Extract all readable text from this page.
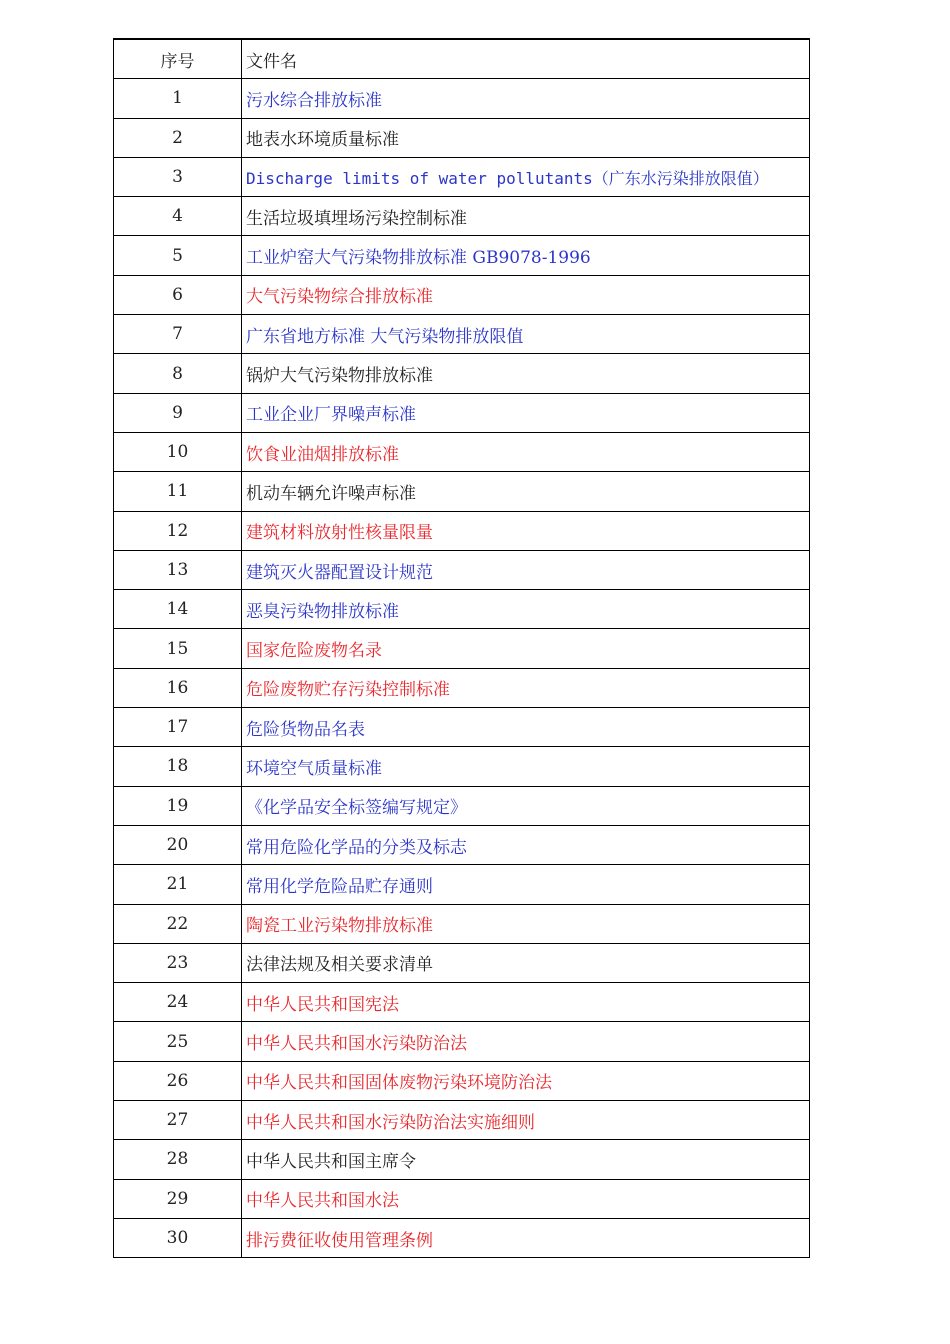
序号	文件名
1	污水综合排放标准
2	地表水环境质量标准
3	Discharge limits of water pollutants（广东水污染排放限值）
4	生活垃圾填埋场污染控制标准
5	工业炉窑大气污染物排放标准 GB9078-1996
6	大气污染物综合排放标准
7	广东省地方标准 大气污染物排放限值
8	锅炉大气污染物排放标准
9	工业企业厂界噪声标准
10	饮食业油烟排放标准
11	机动车辆允许噪声标准
12	建筑材料放射性核量限量
13	建筑灭火器配置设计规范
14	恶臭污染物排放标准
15	国家危险废物名录
16	危险废物贮存污染控制标准
17	危险货物品名表
18	环境空气质量标准
19	《化学品安全标签编写规定》
20	常用危险化学品的分类及标志
21	常用化学危险品贮存通则
22	陶瓷工业污染物排放标准
23	法律法规及相关要求清单
24	中华人民共和国宪法
25	中华人民共和国水污染防治法
26	中华人民共和国固体废物污染环境防治法
27	中华人民共和国水污染防治法实施细则
28	中华人民共和国主席令
29	中华人民共和国水法
30	排污费征收使用管理条例
